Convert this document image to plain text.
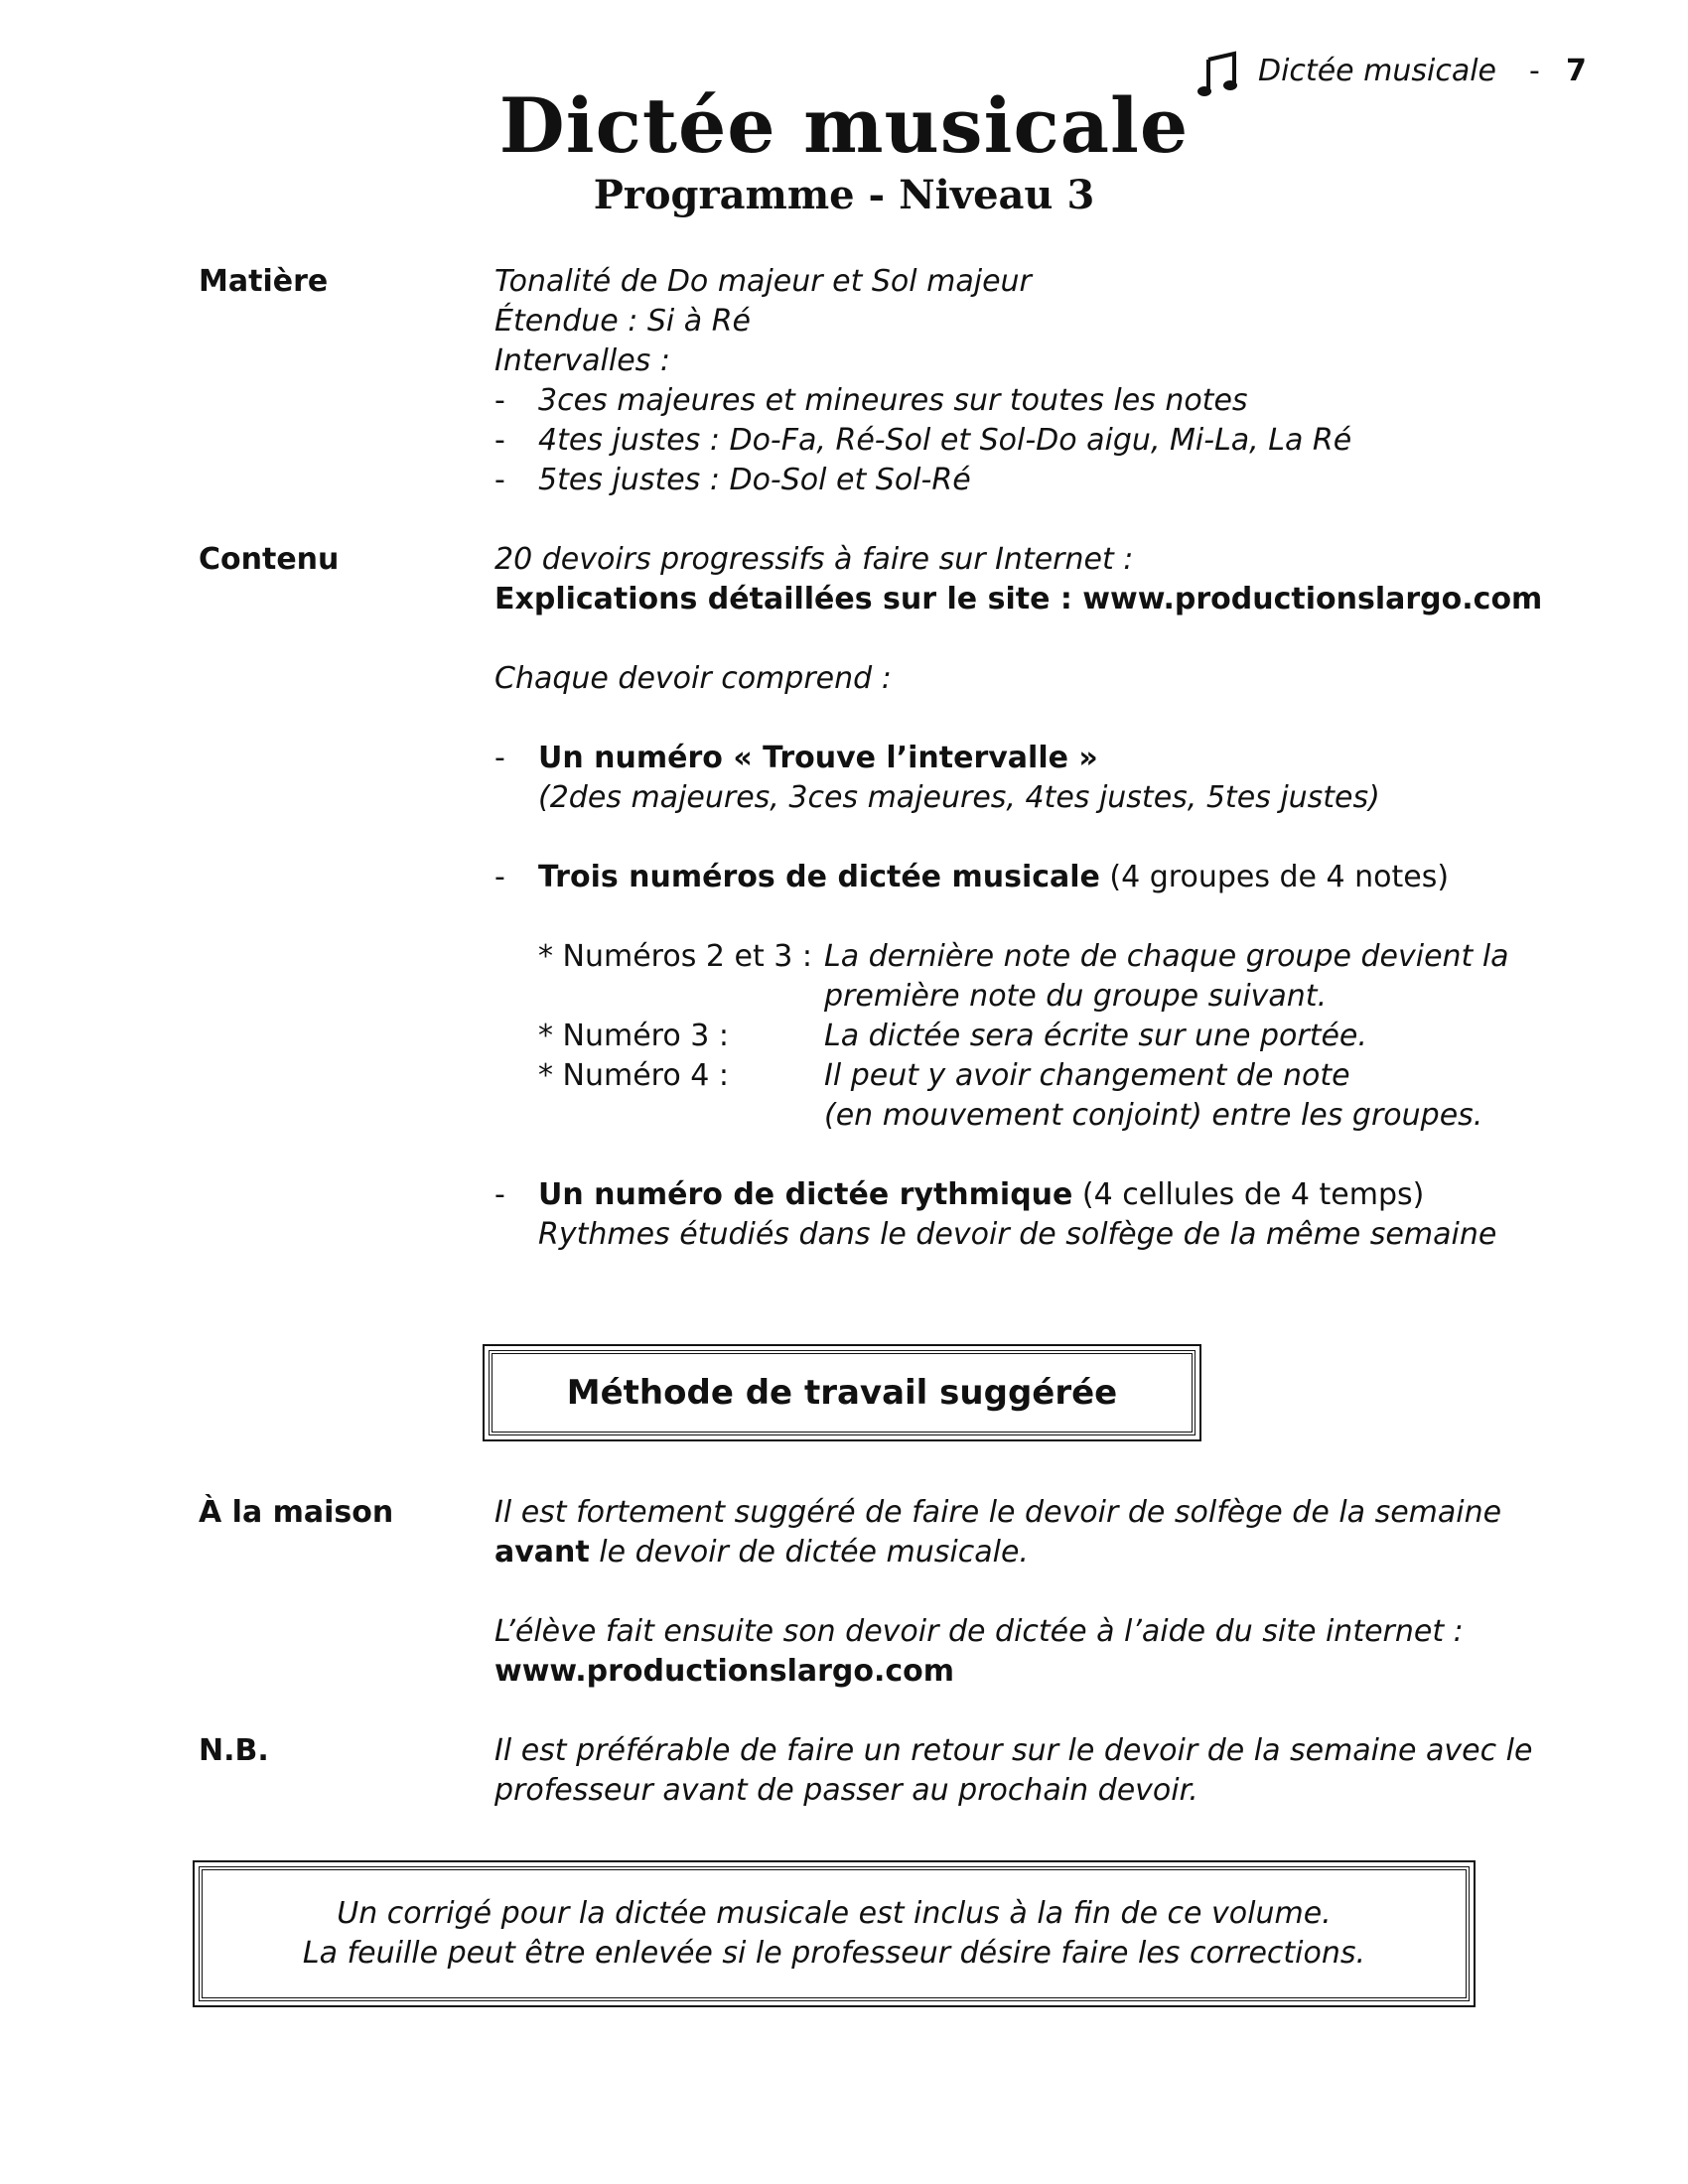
Dictée musicale - 7
Dictée musicale
Programme - Niveau 3
Matière	Tonalité de Do majeur et Sol majeur
Étendue : Si à Ré
Intervalles :
- 3ces majeures et mineures sur toutes les notes
- 4tes justes : Do-Fa, Ré-Sol et Sol-Do aigu, Mi-La, La Ré
- 5tes justes : Do-Sol et Sol-Ré
Contenu	20 devoirs progressifs à faire sur Internet :
Explications détaillées sur le site : www.productionslargo.com
Chaque devoir comprend :
- Un numéro « Trouve l’intervalle »
(2des majeures, 3ces majeures, 4tes justes, 5tes justes)
- Trois numéros de dictée musicale (4 groupes de 4 notes)
* Numéros 2 et 3 : La dernière note de chaque groupe devient la
première note du groupe suivant.
* Numéro 3 :	La dictée sera écrite sur une portée.
* Numéro 4 :	Il peut y avoir changement de note
(en mouvement conjoint) entre les groupes.
- Un numéro de dictée rythmique (4 cellules de 4 temps)
Rythmes étudiés dans le devoir de solfège de la même semaine
Méthode de travail suggérée
À la maison	Il est fortement suggéré de faire le devoir de solfège de la semaine
avant le devoir de dictée musicale.
L’élève fait ensuite son devoir de dictée à l’aide du site internet :
www.productionslargo.com
N.B.	Il est préférable de faire un retour sur le devoir de la semaine avec le
professeur avant de passer au prochain devoir.
Un corrigé pour la dictée musicale est inclus à la fin de ce volume.
La feuille peut être enlevée si le professeur désire faire les corrections.
